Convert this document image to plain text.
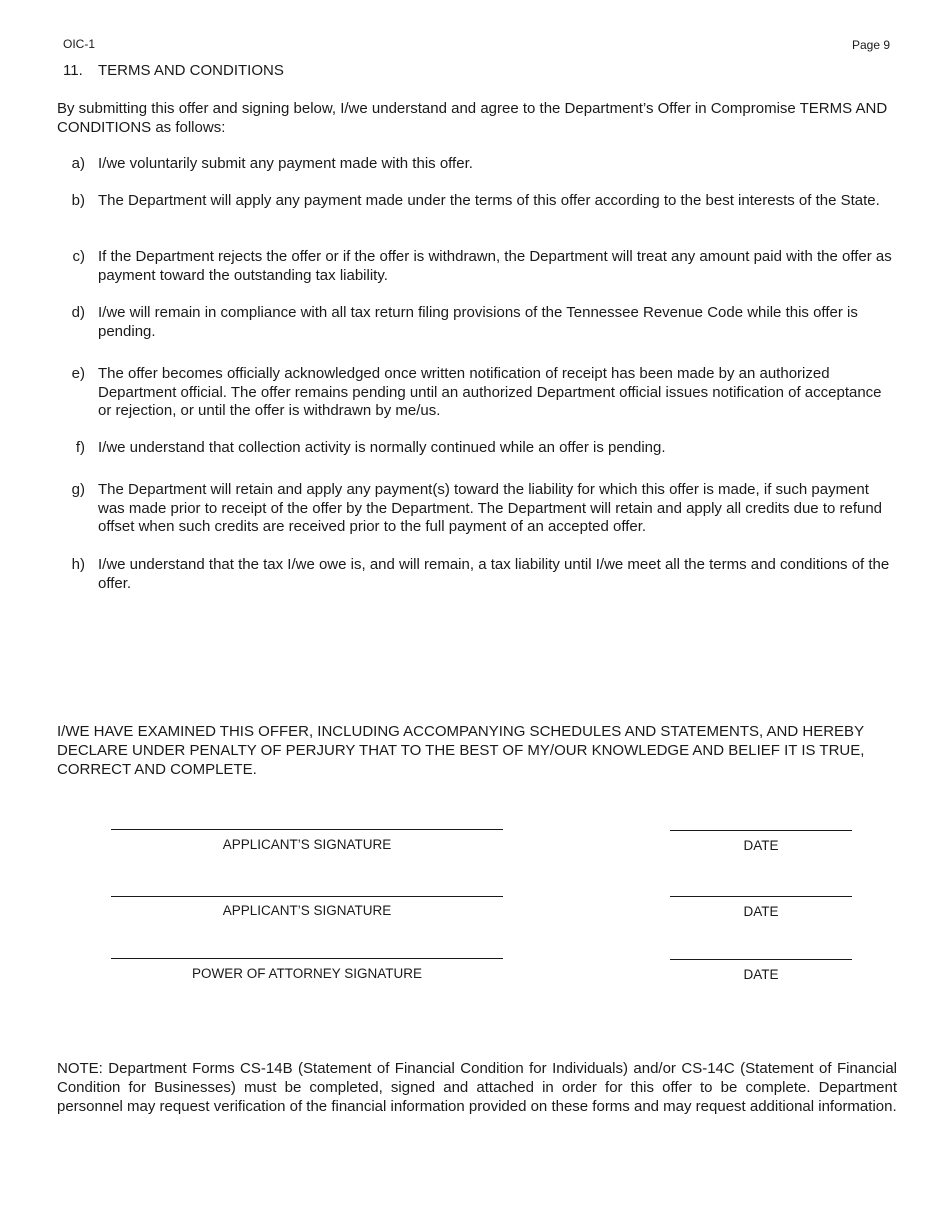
OIC-1	Page 9
11. TERMS AND CONDITIONS
By submitting this offer and signing below, I/we understand and agree to the Department’s Offer in Compromise TERMS AND CONDITIONS as follows:
a) I/we voluntarily submit any payment made with this offer.
b) The Department will apply any payment made under the terms of this offer according to the best interests of the State.
c) If the Department rejects the offer or if the offer is withdrawn, the Department will treat any amount paid with the offer as payment toward the outstanding tax liability.
d) I/we will remain in compliance with all tax return filing provisions of the Tennessee Revenue Code while this offer is pending.
e) The offer becomes officially acknowledged once written notification of receipt has been made by an authorized Department official. The offer remains pending until an authorized Department official issues notification of acceptance or rejection, or until the offer is withdrawn by me/us.
f) I/we understand that collection activity is normally continued while an offer is pending.
g) The Department will retain and apply any payment(s) toward the liability for which this offer is made, if such payment was made prior to receipt of the offer by the Department. The Department will retain and apply all credits due to refund offset when such credits are received prior to the full payment of an accepted offer.
h) I/we understand that the tax I/we owe is, and will remain, a tax liability until I/we meet all the terms and conditions of the offer.
I/WE HAVE EXAMINED THIS OFFER, INCLUDING ACCOMPANYING SCHEDULES AND STATEMENTS, AND HEREBY DECLARE UNDER PENALTY OF PERJURY THAT TO THE BEST OF MY/OUR KNOWLEDGE AND BELIEF IT IS TRUE, CORRECT AND COMPLETE.
APPLICANT’S SIGNATURE	DATE
APPLICANT’S SIGNATURE	DATE
POWER OF ATTORNEY SIGNATURE	DATE
NOTE: Department Forms CS-14B (Statement of Financial Condition for Individuals) and/or CS-14C (Statement of Financial Condition for Businesses) must be completed, signed and attached in order for this offer to be complete. Department personnel may request verification of the financial information provided on these forms and may request additional information.
